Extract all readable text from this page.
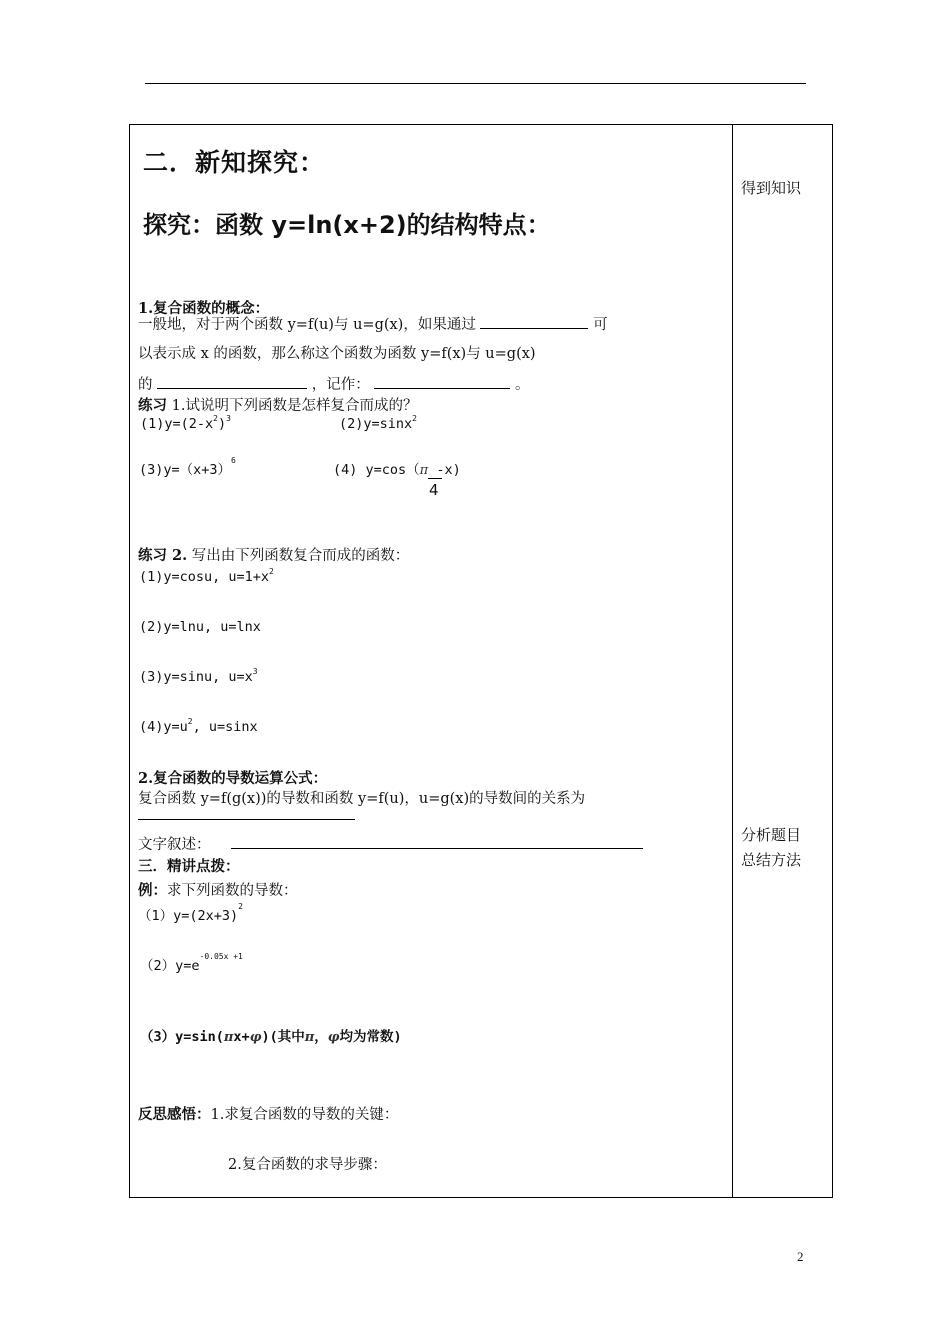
二．新知探究：
探究：函数 y=ln(x+2)的结构特点：
1.复合函数的概念：
一般地，对于两个函数 y=f(u)与 u=g(x)，如果通过	可
以表示成 x 的函数，那么称这个函数为函数 y=f(x)与 u=g(x)
的	，记作：	。
练习 1.试说明下列函数是怎样复合而成的？
$(1)y=(2-x^2)^3$	(2)y=sinx$^2$
$(3)y=(x+3)^6$
(4) y=cos（π -x)
4
练习 2. 写出由下列函数复合而成的函数：
(1)y=cosu, $u=1+x^2$
(2)y=lnu, u=lnx
(3)y=sinu, $u=x^3$
$(4)y=u^2$, u=sinx
2.复合函数的导数运算公式：
复合函数 y=f(g(x))的导数和函数 y=f(u)，u=g(x)的导数间的关系为
文字叙述：
三．精讲点拨：
例：求下列函数的导数：
$(1)y=(2x+3)^2$
$(2)y=e^{-0.05x +1}$
（3）y=sin(πx+φ)(其中π，φ均为常数)
反思感悟：1.求复合函数的导数的关键：
2.复合函数的求导步骤：
得到知识
分析题目
总结方法
2
